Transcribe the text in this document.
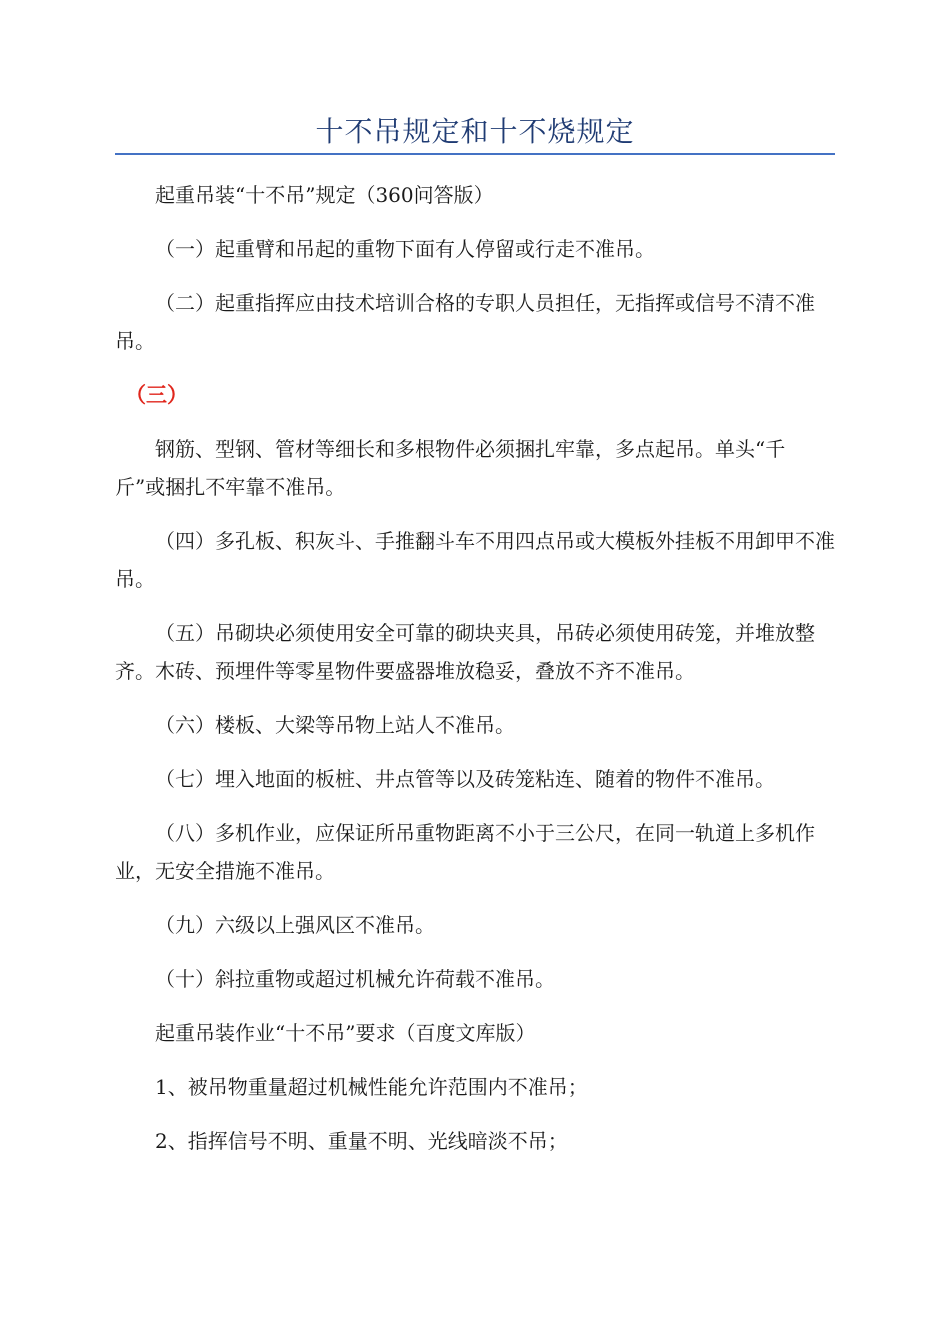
十不吊规定和十不烧规定

起重吊装“十不吊”规定（360问答版）

（一）起重臂和吊起的重物下面有人停留或行走不准吊。

（二）起重指挥应由技术培训合格的专职人员担任，无指挥或信号不清不准吊。

（三）

钢筋、型钢、管材等细长和多根物件必须捆扎牢靠，多点起吊。单头“千斤”或捆扎不牢靠不准吊。

（四）多孔板、积灰斗、手推翻斗车不用四点吊或大模板外挂板不用卸甲不准吊。

（五）吊砌块必须使用安全可靠的砌块夹具，吊砖必须使用砖笼，并堆放整齐。木砖、预埋件等零星物件要盛器堆放稳妥，叠放不齐不准吊。

（六）楼板、大梁等吊物上站人不准吊。

（七）埋入地面的板桩、井点管等以及砖笼粘连、随着的物件不准吊。

（八）多机作业，应保证所吊重物距离不小于三公尺，在同一轨道上多机作业，无安全措施不准吊。

（九）六级以上强风区不准吊。

（十）斜拉重物或超过机械允许荷载不准吊。

起重吊装作业“十不吊”要求（百度文库版）

1、被吊物重量超过机械性能允许范围内不准吊；

2、指挥信号不明、重量不明、光线暗淡不吊；
